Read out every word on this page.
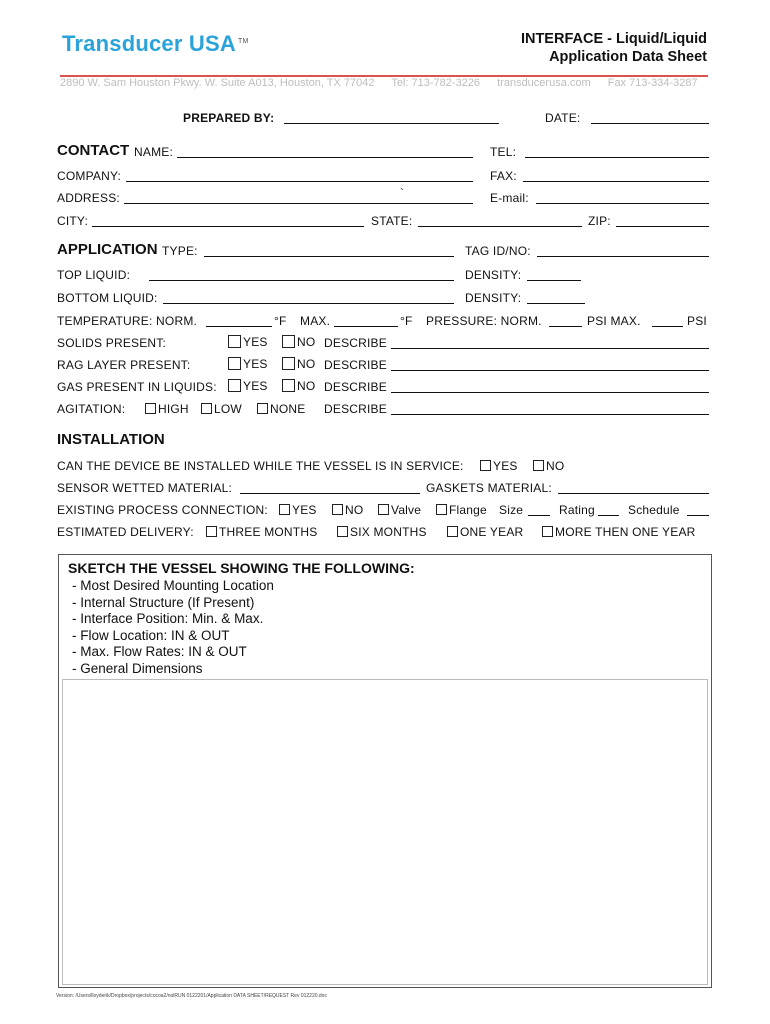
Transducer USA ™	INTERFACE - Liquid/Liquid
Application Data Sheet
2890 W. Sam Houston Pkwy. W. Suite A013, Houston, TX 77042 Tel: 713-782-3226 transducerusa.com Fax 713-334-3287
PREPARED BY:	DATE:
CONTACT NAME:	TEL:
COMPANY:	FAX:
ADDRESS:	`	E-mail:
CITY:	STATE:	ZIP:
APPLICATION TYPE:	TAG ID/NO:
TOP LIQUID:	DENSITY:
BOTTOM LIQUID:	DENSITY:
TEMPERATURE: NORM.	°F MAX.	°F PRESSURE: NORM.	PSI MAX.	PSI
SOLIDS PRESENT:	YES	NO DESCRIBE
RAG LAYER PRESENT:	YES	NO DESCRIBE
GAS PRESENT IN LIQUIDS:	YES	NO DESCRIBE
AGITATION:	HIGH	LOW	NONE DESCRIBE
INSTALLATION
CAN THE DEVICE BE INSTALLED WHILE THE VESSEL IS IN SERVICE:	YES	NO
SENSOR WETTED MATERIAL:	GASKETS MATERIAL:
EXISTING PROCESS CONNECTION:	YES	NO	Valve	Flange Size	Rating	Schedule
ESTIMATED DELIVERY:	THREE MONTHS	SIX MONTHS	ONE YEAR	MORE THEN ONE YEAR
SKETCH THE VESSEL SHOWING THE FOLLOWING:
- Most Desired Mounting Location
- Internal Structure (If Present)
- Interface Position: Min. & Max.
- Flow Location: IN & OUT
- Max. Flow Rates: IN & OUT
- General Dimensions
Version: /Users/lloyderik/Dropbox/projects/cocoa2/nolRUN 0122201/Application DATA SHEET/REQUEST Rev 012220.doc
